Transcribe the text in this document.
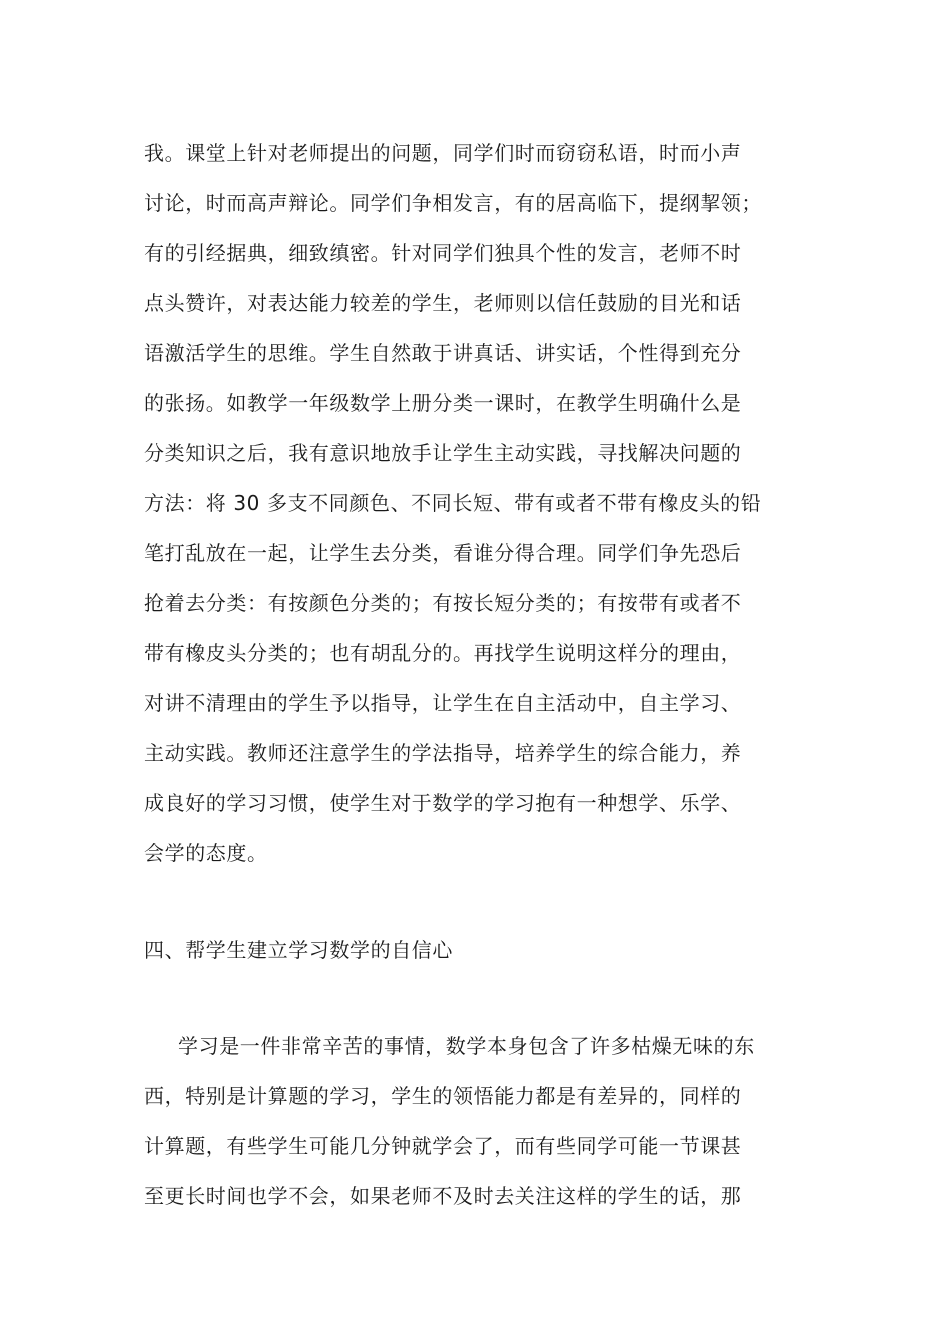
我。课堂上针对老师提出的问题，同学们时而窃窃私语，时而小声
讨论，时而高声辩论。同学们争相发言，有的居高临下，提纲挈领；
有的引经据典，细致缜密。针对同学们独具个性的发言，老师不时
点头赞许，对表达能力较差的学生，老师则以信任鼓励的目光和话
语激活学生的思维。学生自然敢于讲真话、讲实话，个性得到充分
的张扬。如教学一年级数学上册分类一课时，在教学生明确什么是
分类知识之后，我有意识地放手让学生主动实践，寻找解决问题的
方法：将 30 多支不同颜色、不同长短、带有或者不带有橡皮头的铅
笔打乱放在一起，让学生去分类，看谁分得合理。同学们争先恐后
抢着去分类：有按颜色分类的；有按长短分类的；有按带有或者不
带有橡皮头分类的；也有胡乱分的。再找学生说明这样分的理由，
对讲不清理由的学生予以指导，让学生在自主活动中，自主学习、
主动实践。教师还注意学生的学法指导，培养学生的综合能力，养
成良好的学习习惯，使学生对于数学的学习抱有一种想学、乐学、
会学的态度。
四、帮学生建立学习数学的自信心
学习是一件非常辛苦的事情，数学本身包含了许多枯燥无味的东
西，特别是计算题的学习，学生的领悟能力都是有差异的，同样的
计算题，有些学生可能几分钟就学会了，而有些同学可能一节课甚
至更长时间也学不会，如果老师不及时去关注这样的学生的话，那
